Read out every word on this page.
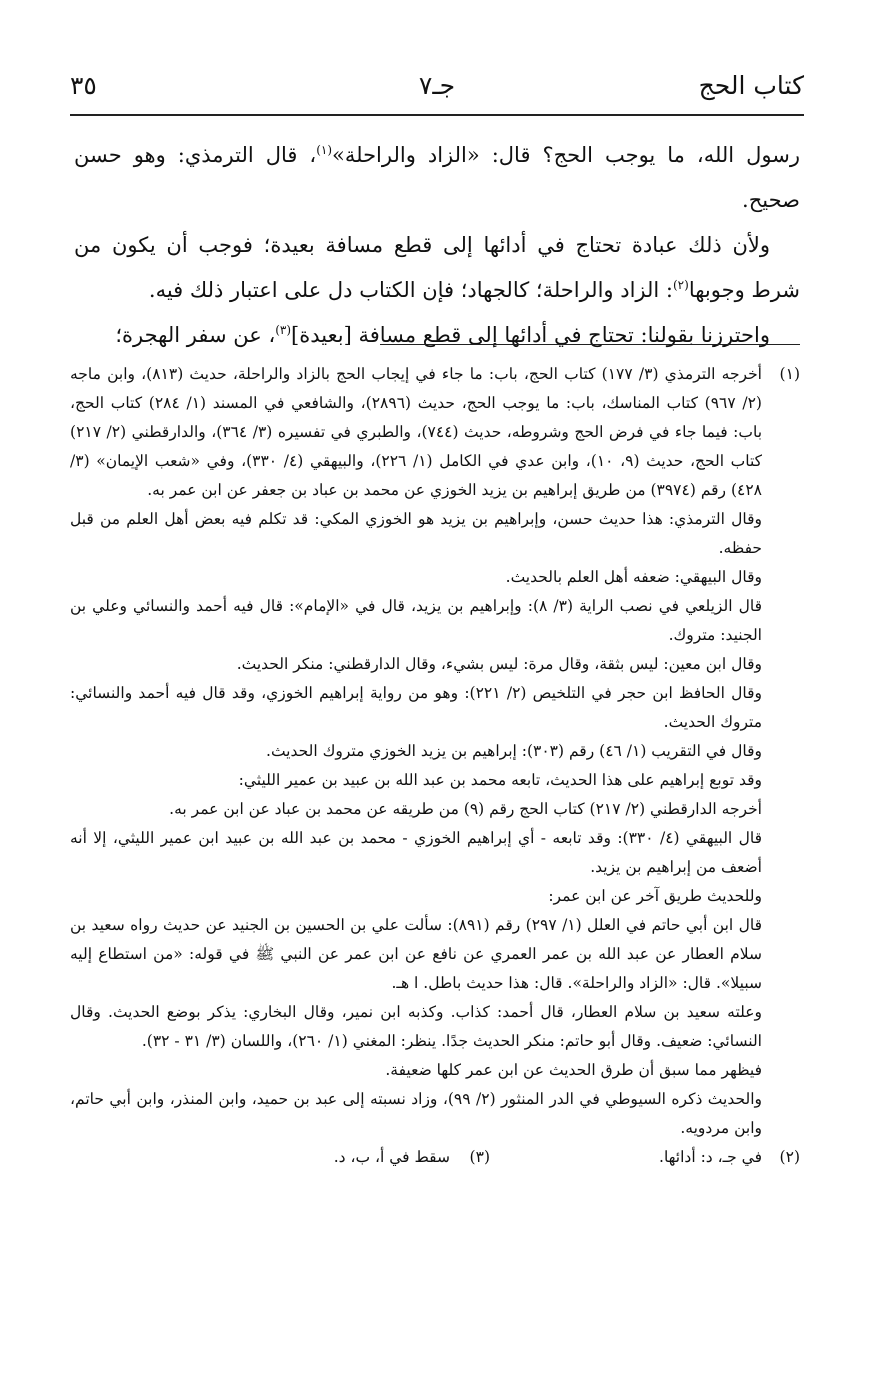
كتاب الحج
جـ٧
٣٥

رسول الله، ما يوجب الحج؟ قال: «الزاد والراحلة»$^{(١)}$، قال الترمذي: وهو حسن صحيح.

ولأن ذلك عبادة تحتاج في أدائها إلى قطع مسافة بعيدة؛ فوجب أن يكون من شرط وجوبها$^{(٢)}$: الزاد والراحلة؛ كالجهاد؛ فإن الكتاب دل على اعتبار ذلك فيه.

واحترزنا بقولنا: تحتاج في أدائها إلى قطع مسافة [بعيدة]$^{(٣)}$، عن سفر الهجرة؛

(١)

أخرجه الترمذي (٣/ ١٧٧) كتاب الحج، باب: ما جاء في إيجاب الحج بالزاد والراحلة، حديث (٨١٣)، وابن ماجه (٢/ ٩٦٧) كتاب المناسك، باب: ما يوجب الحج، حديث (٢٨٩٦)، والشافعي في المسند (١/ ٢٨٤) كتاب الحج، باب: فيما جاء في فرض الحج وشروطه، حديث (٧٤٤)، والطبري في تفسيره (٣/ ٣٦٤)، والدارقطني (٢/ ٢١٧) كتاب الحج، حديث (٩، ١٠)، وابن عدي في الكامل (١/ ٢٢٦)، والبيهقي (٤/ ٣٣٠)، وفي «شعب الإيمان» (٣/ ٤٢٨) رقم (٣٩٧٤) من طريق إبراهيم بن يزيد الخوزي عن محمد بن عباد بن جعفر عن ابن عمر به.

وقال الترمذي: هذا حديث حسن، وإبراهيم بن يزيد هو الخوزي المكي: قد تكلم فيه بعض أهل العلم من قبل حفظه.

وقال البيهقي: ضعفه أهل العلم بالحديث.

قال الزيلعي في نصب الراية (٣/ ٨): وإبراهيم بن يزيد، قال في «الإمام»: قال فيه أحمد والنسائي وعلي بن الجنيد: متروك.

وقال ابن معين: ليس بثقة، وقال مرة: ليس بشيء، وقال الدارقطني: منكر الحديث.

وقال الحافظ ابن حجر في التلخيص (٢/ ٢٢١): وهو من رواية إبراهيم الخوزي، وقد قال فيه أحمد والنسائي: متروك الحديث.

وقال في التقريب (١/ ٤٦) رقم (٣٠٣): إبراهيم بن يزيد الخوزي متروك الحديث.

وقد توبع إبراهيم على هذا الحديث، تابعه محمد بن عبد الله بن عبيد بن عمير الليثي:

أخرجه الدارقطني (٢/ ٢١٧) كتاب الحج رقم (٩) من طريقه عن محمد بن عباد عن ابن عمر به.

قال البيهقي (٤/ ٣٣٠): وقد تابعه - أي إبراهيم الخوزي - محمد بن عبد الله بن عبيد ابن عمير الليثي، إلا أنه أضعف من إبراهيم بن يزيد.

وللحديث طريق آخر عن ابن عمر:

قال ابن أبي حاتم في العلل (١/ ٢٩٧) رقم (٨٩١): سألت علي بن الحسين بن الجنيد عن حديث رواه سعيد بن سلام العطار عن عبد الله بن عمر العمري عن نافع عن ابن عمر عن النبي ﷺ في قوله: «من استطاع إليه سبيلا». قال: «الزاد والراحلة». قال: هذا حديث باطل. ا هـ.

وعلته سعيد بن سلام العطار، قال أحمد: كذاب. وكذبه ابن نمير، وقال البخاري: يذكر بوضع الحديث. وقال النسائي: ضعيف. وقال أبو حاتم: منكر الحديث جدًا. ينظر: المغني (١/ ٢٦٠)، واللسان (٣/ ٣١ - ٣٢).

فيظهر مما سبق أن طرق الحديث عن ابن عمر كلها ضعيفة.

والحديث ذكره السيوطي في الدر المنثور (٢/ ٩٩)، وزاد نسبته إلى عبد بن حميد، وابن المنذر، وابن أبي حاتم، وابن مردويه.

(٢)
في جـ، د: أدائها.
(٣)
سقط في أ، ب، د.
